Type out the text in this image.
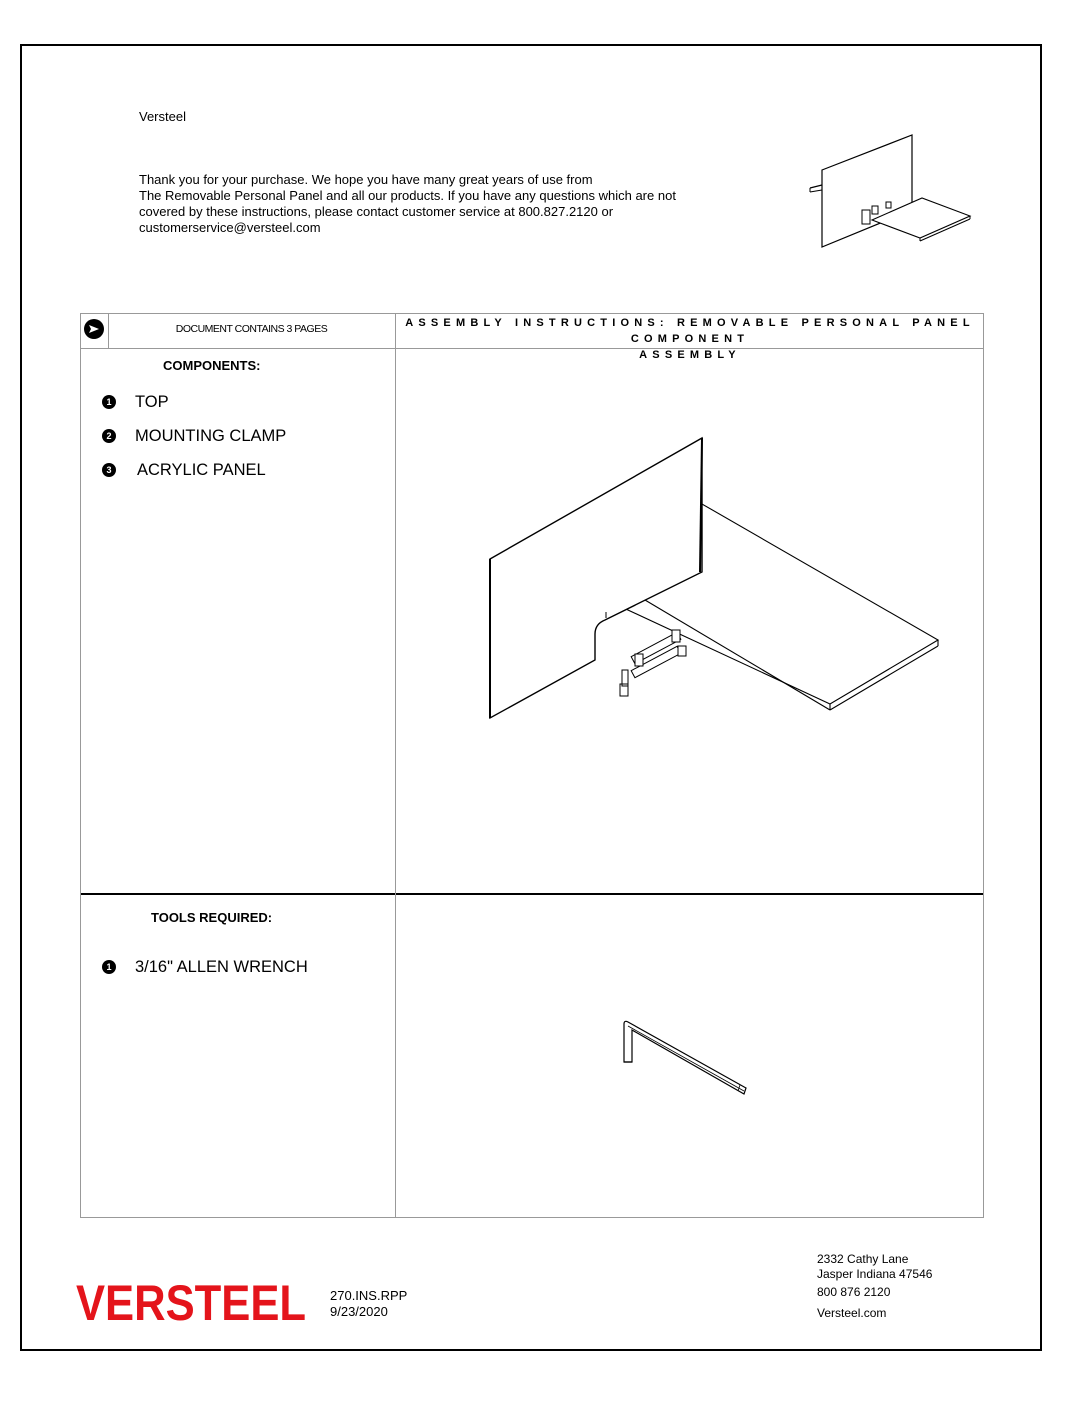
Versteel
Thank you for your purchase. We hope you have many great years of use from
The Removable Personal Panel and all our products. If you have any questions which are not
covered by these instructions, please contact customer service at 800.827.2120 or
customerservice@versteel.com
DOCUMENT CONTAINS 3 PAGES	ASSEMBLY INSTRUCTIONS: REMOVABLE PERSONAL PANEL COMPONENT
ASSEMBLY
COMPONENTS:
1 TOP
2 MOUNTING CLAMP
3 ACRYLIC PANEL
TOOLS REQUIRED:
1 3/16" ALLEN WRENCH
VERSTEEL 270.INS.RPP
9/23/2020
2332 Cathy Lane
Jasper Indiana 47546
800 876 2120
Versteel.com
